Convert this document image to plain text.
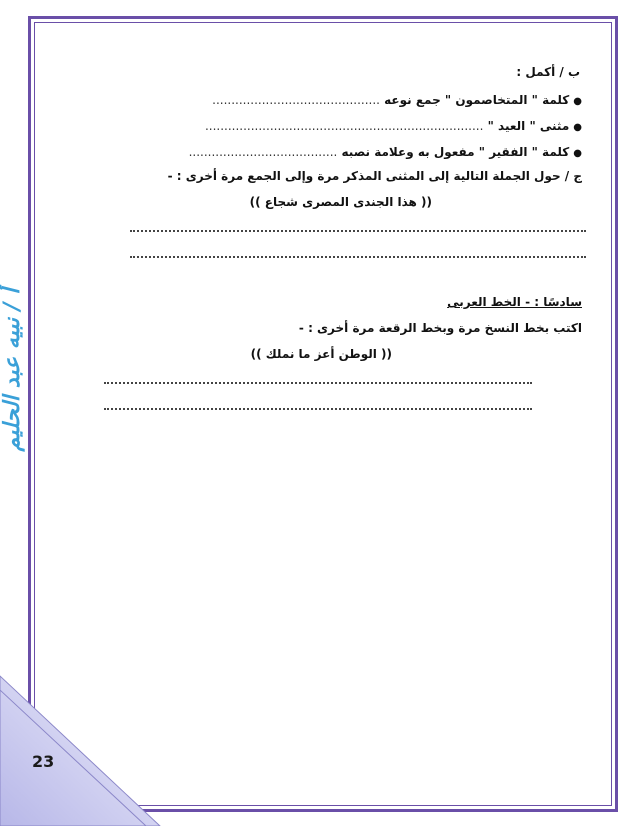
أ / نبيه عبد الحليم
23
ب / أكمل :
●كلمة " المتخاصمون " جمع نوعه ............................................
●مثنى " العيد " .........................................................................
●كلمة " الفقير " مفعول به وعلامة نصبه .......................................
ج / حول الجملة التالية إلى المثنى المذكر مرة وإلى الجمع مرة أخرى : -
(( هذا الجندى المصرى شجاع ))
سادسًا : - الخط العربى
اكتب بخط النسخ مرة وبخط الرقعة مرة أخرى : -
(( الوطن أعز ما نملك ))
